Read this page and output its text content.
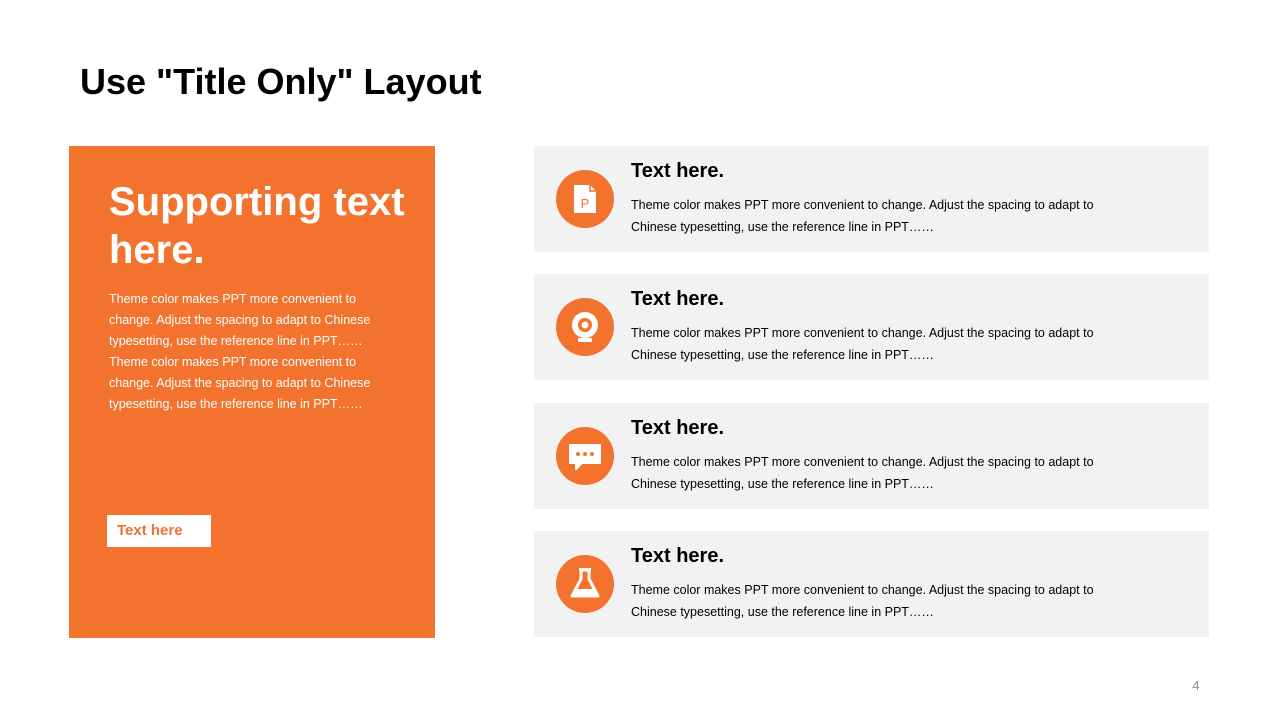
Use "Title Only" Layout
Supporting text here.
Theme color makes PPT more convenient to change. Adjust the spacing to adapt to Chinese typesetting, use the reference line in PPT…… Theme color makes PPT more convenient to change. Adjust the spacing to adapt to Chinese typesetting, use the reference line in PPT……
Text here
P
Text here.
Theme color makes PPT more convenient to change. Adjust the spacing to adapt to Chinese typesetting, use the reference line in PPT……
Text here.
Theme color makes PPT more convenient to change. Adjust the spacing to adapt to Chinese typesetting, use the reference line in PPT……
Text here.
Theme color makes PPT more convenient to change. Adjust the spacing to adapt to Chinese typesetting, use the reference line in PPT……
Text here.
Theme color makes PPT more convenient to change. Adjust the spacing to adapt to Chinese typesetting, use the reference line in PPT……
4
